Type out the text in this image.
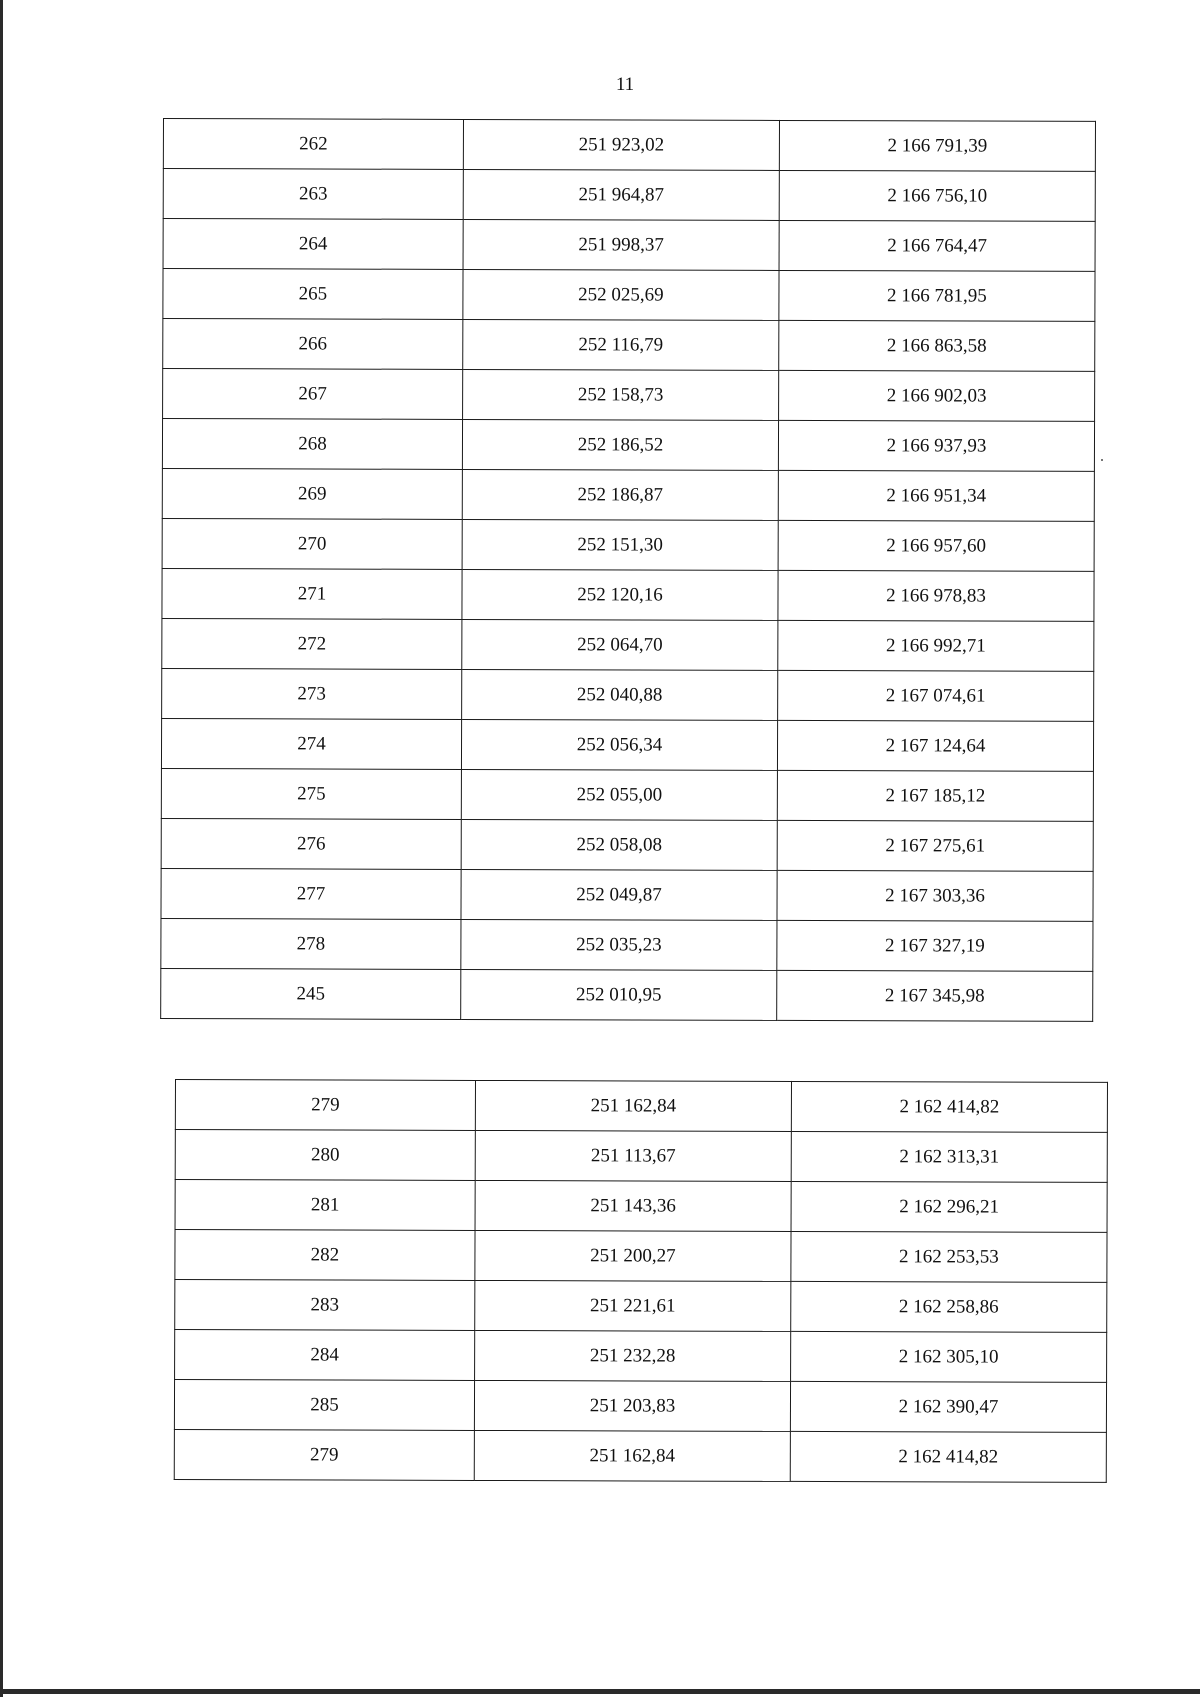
11
262	251 923,02	2 166 791,39
263	251 964,87	2 166 756,10
264	251 998,37	2 166 764,47
265	252 025,69	2 166 781,95
266	252 116,79	2 166 863,58
267	252 158,73	2 166 902,03
268	252 186,52	2 166 937,93
269	252 186,87	2 166 951,34
270	252 151,30	2 166 957,60
271	252 120,16	2 166 978,83
272	252 064,70	2 166 992,71
273	252 040,88	2 167 074,61
274	252 056,34	2 167 124,64
275	252 055,00	2 167 185,12
276	252 058,08	2 167 275,61
277	252 049,87	2 167 303,36
278	252 035,23	2 167 327,19
245	252 010,95	2 167 345,98
279	251 162,84	2 162 414,82
280	251 113,67	2 162 313,31
281	251 143,36	2 162 296,21
282	251 200,27	2 162 253,53
283	251 221,61	2 162 258,86
284	251 232,28	2 162 305,10
285	251 203,83	2 162 390,47
279	251 162,84	2 162 414,82
